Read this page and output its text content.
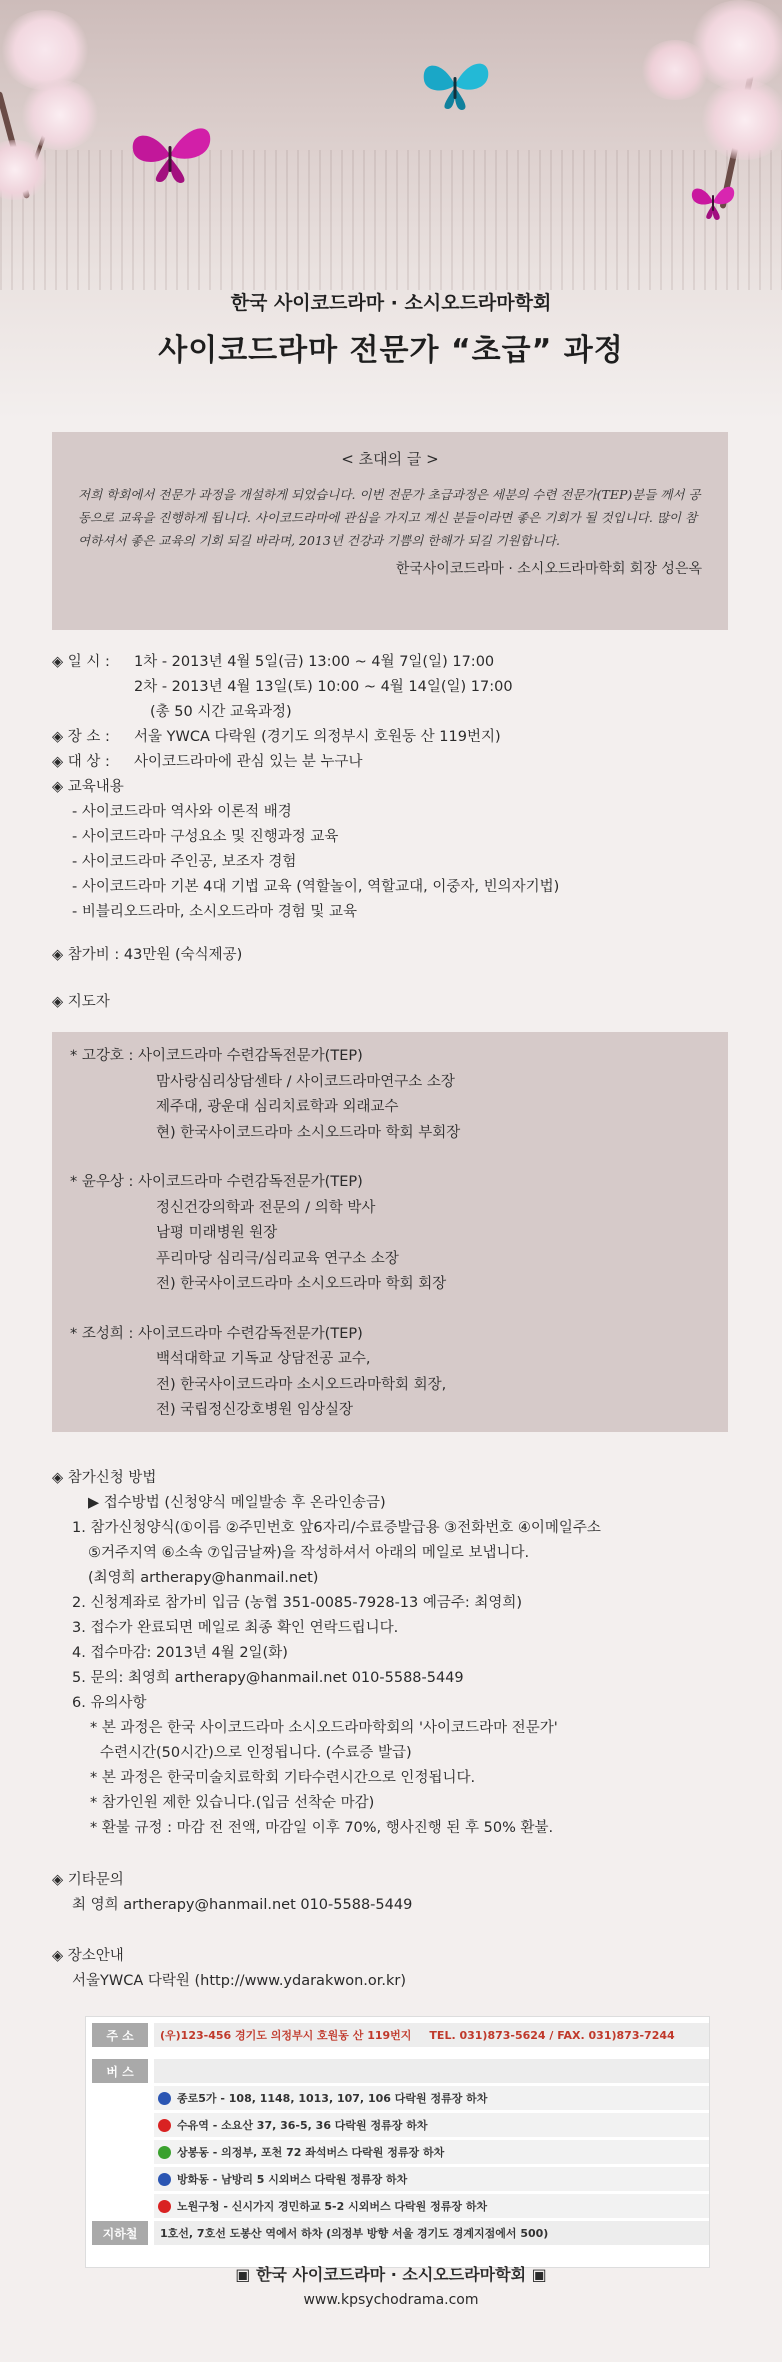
한국 사이코드라마 · 소시오드라마학회
사이코드라마 전문가 “초급” 과정
< 초대의 글 >
저희 학회에서 전문가 과정을 개설하게 되었습니다. 이번 전문가 초급과정은 세분의 수련 전문가(TEP)분들 께서 공동으로 교육을 진행하게 됩니다. 사이코드라마에 관심을 가지고 계신 분들이라면 좋은 기회가 될 것입니다. 많이 참여하셔서 좋은 교육의 기회 되길 바라며, 2013년 건강과 기쁨의 한해가 되길 기원합니다.
한국사이코드라마 · 소시오드라마학회 회장 성은옥
◈ 일 시 :	1차 - 2013년 4월 5일(금) 13:00 ~ 4월 7일(일) 17:00
2차 - 2013년 4월 13일(토) 10:00 ~ 4월 14일(일) 17:00
(총 50 시간 교육과정)
◈ 장 소 :	서울 YWCA 다락원 (경기도 의정부시 호원동 산 119번지)
◈ 대 상 :	사이코드라마에 관심 있는 분 누구나
◈ 교육내용
- 사이코드라마 역사와 이론적 배경
- 사이코드라마 구성요소 및 진행과정 교육
- 사이코드라마 주인공, 보조자 경험
- 사이코드라마 기본 4대 기법 교육 (역할놀이, 역할교대, 이중자, 빈의자기법)
- 비블리오드라마, 소시오드라마 경험 및 교육
◈ 참가비 : 43만원 (숙식제공)
◈ 지도자
* 고강호 : 사이코드라마 수련감독전문가(TEP)
맘사랑심리상담센타 / 사이코드라마연구소 소장
제주대, 광운대 심리치료학과 외래교수
현) 한국사이코드라마 소시오드라마 학회 부회장
* 윤우상 : 사이코드라마 수련감독전문가(TEP)
정신건강의학과 전문의 / 의학 박사
남평 미래병원 원장
푸리마당 심리극/심리교육 연구소 소장
전) 한국사이코드라마 소시오드라마 학회 회장
* 조성희 : 사이코드라마 수련감독전문가(TEP)
백석대학교 기독교 상담전공 교수,
전) 한국사이코드라마 소시오드라마학회 회장,
전) 국립정신강호병원 임상실장
◈ 참가신청 방법
▶ 접수방법 (신청양식 메일발송 후 온라인송금)
1. 참가신청양식(①이름 ②주민번호 앞6자리/수료증발급용 ③전화번호 ④이메일주소
⑤거주지역 ⑥소속 ⑦입금날짜)을 작성하셔서 아래의 메일로 보냅니다.
(최영희 artherapy@hanmail.net)
2. 신청계좌로 참가비 입금 (농협 351-0085-7928-13 예금주: 최영희)
3. 접수가 완료되면 메일로 최종 확인 연락드립니다.
4. 접수마감: 2013년 4월 2일(화)
5. 문의: 최영희 artherapy@hanmail.net 010-5588-5449
6. 유의사항
* 본 과정은 한국 사이코드라마 소시오드라마학회의 '사이코드라마 전문가'
수련시간(50시간)으로 인정됩니다. (수료증 발급)
* 본 과정은 한국미술치료학회 기타수련시간으로 인정됩니다.
* 참가인원 제한 있습니다.(입금 선착순 마감)
* 환불 규정 : 마감 전 전액, 마감일 이후 70%, 행사진행 된 후 50% 환불.
◈ 기타문의
최 영희 artherapy@hanmail.net 010-5588-5449
◈ 장소안내
서울YWCA 다락원 (http://www.ydarakwon.or.kr)
주 소	(우)123-456 경기도 의정부시 호원동 산 119번지 TEL. 031)873-5624 / FAX. 031)873-7244
버 스
종로5가 - 108, 1148, 1013, 107, 106 다락원 정류장 하차
수유역 - 소요산 37, 36-5, 36 다락원 정류장 하차
상봉동 - 의정부, 포천 72 좌석버스 다락원 정류장 하차
방화동 - 남방리 5 시외버스 다락원 정류장 하차
노원구청 - 신시가지 경민하교 5-2 시외버스 다락원 정류장 하차
지하철	1호선, 7호선 도봉산 역에서 하차 (의정부 방향 서울 경기도 경계지점에서 500)
▣ 한국 사이코드라마 · 소시오드라마학회 ▣
www.kpsychodrama.com
